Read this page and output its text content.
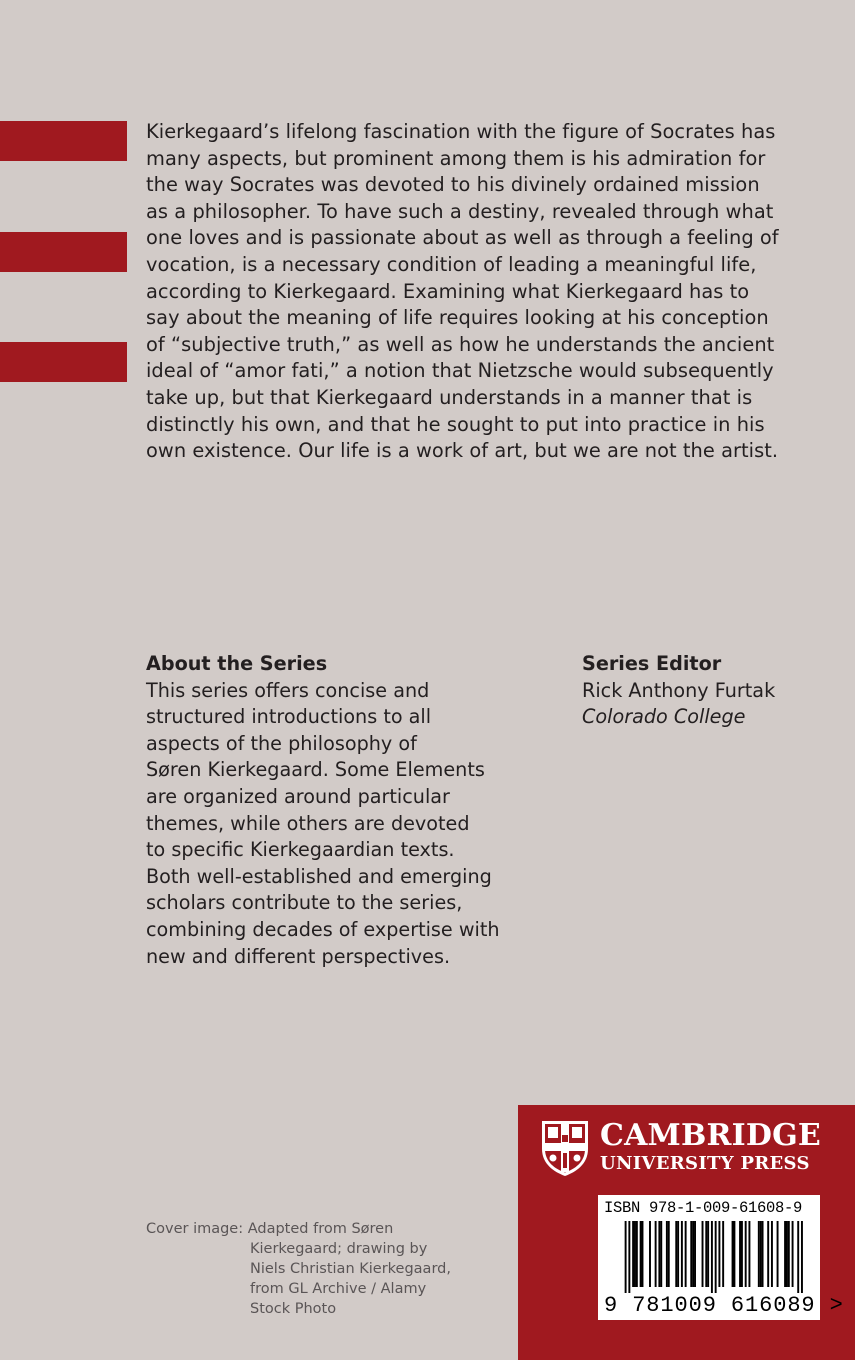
Kierkegaard’s lifelong fascination with the figure of Socrates has
many aspects, but prominent among them is his admiration for
the way Socrates was devoted to his divinely ordained mission
as a philosopher. To have such a destiny, revealed through what
one loves and is passionate about as well as through a feeling of
vocation, is a necessary condition of leading a meaningful life,
according to Kierkegaard. Examining what Kierkegaard has to
say about the meaning of life requires looking at his conception
of “subjective truth,” as well as how he understands the ancient
ideal of “amor fati,” a notion that Nietzsche would subsequently
take up, but that Kierkegaard understands in a manner that is
distinctly his own, and that he sought to put into practice in his
own existence. Our life is a work of art, but we are not the artist.

About the Series
This series offers concise and
structured introductions to all
aspects of the philosophy of
Søren Kierkegaard. Some Elements
are organized around particular
themes, while others are devoted
to specific Kierkegaardian texts.
Both well-established and emerging
scholars contribute to the series,
combining decades of expertise with
new and different perspectives.
Series Editor
Rick Anthony Furtak
Colorado College
Cover image: Adapted from Søren
Kierkegaard; drawing by
Niels Christian Kierkegaard,
from GL Archive / Alamy
Stock Photo
CAMBRIDGE
UNIVERSITY PRESS
ISBN 978-1-009-61608-9
9 781009 616089 >
